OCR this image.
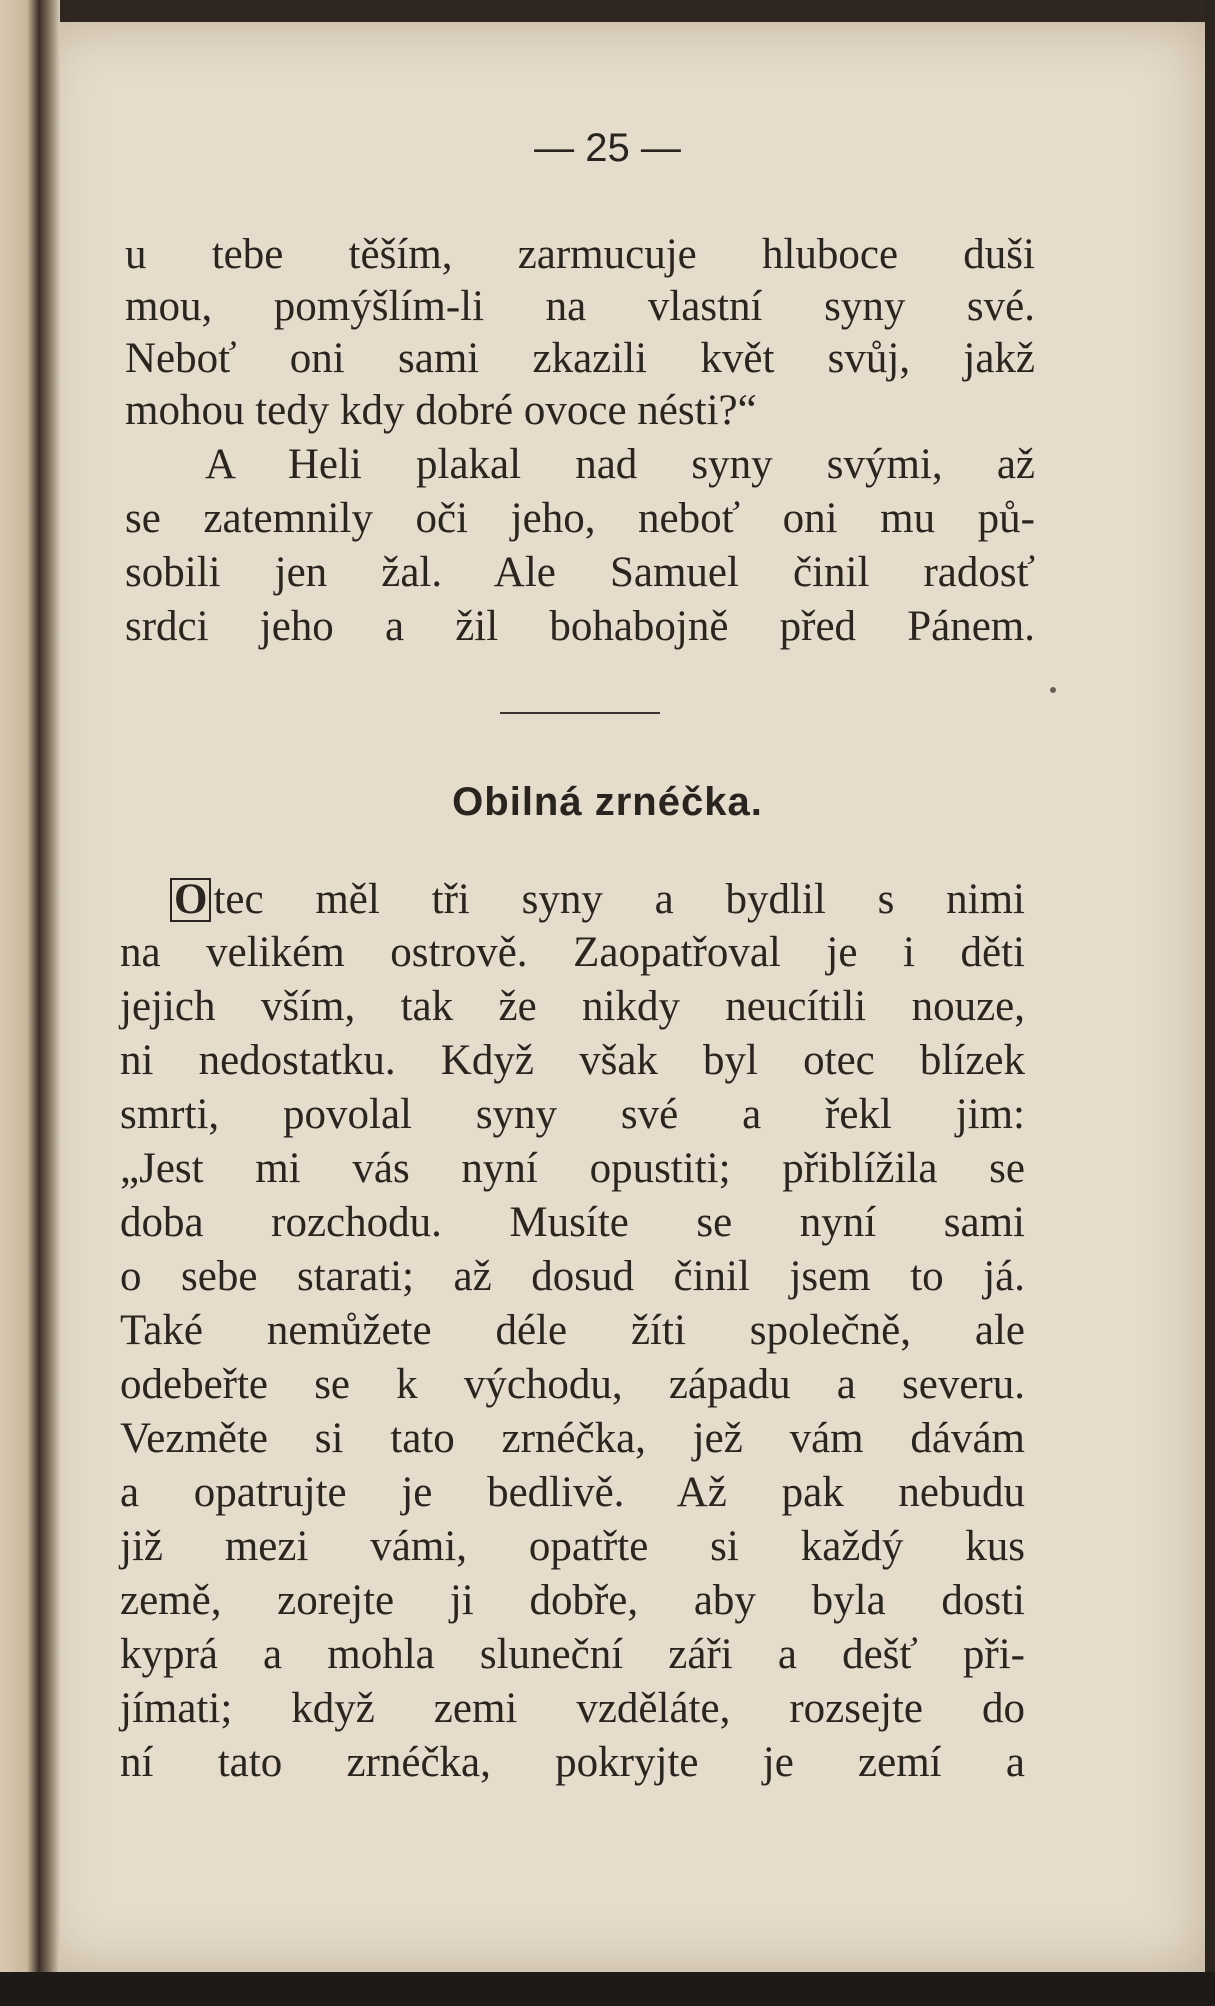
— 25 —
u tebe těším, zarmucuje hluboce duši
mou, pomýšlím-li na vlastní syny své.
Neboť oni sami zkazili květ svůj, jakž
mohou tedy kdy dobré ovoce nésti?“
A Heli plakal nad syny svými, až
se zatemnily oči jeho, neboť oni mu pů-
sobili jen žal. Ale Samuel činil radosť
srdci jeho a žil bohabojně před Pánem.
Obilná zrnéčka.
O tec měl tři syny a bydlil s nimi
na velikém ostrově. Zaopatřoval je i děti
jejich vším, tak že nikdy neucítili nouze,
ni nedostatku. Když však byl otec blízek
smrti, povolal syny své a řekl jim:
„Jest mi vás nyní opustiti; přiblížila se
doba rozchodu. Musíte se nyní sami
o sebe starati; až dosud činil jsem to já.
Také nemůžete déle žíti společně, ale
odebeřte se k východu, západu a severu.
Vezměte si tato zrnéčka, jež vám dávám
a opatrujte je bedlivě. Až pak nebudu
již mezi vámi, opatřte si každý kus
země, zorejte ji dobře, aby byla dosti
kyprá a mohla sluneční záři a dešť při-
jímati; když zemi vzděláte, rozsejte do
ní tato zrnéčka, pokryjte je zemí a
